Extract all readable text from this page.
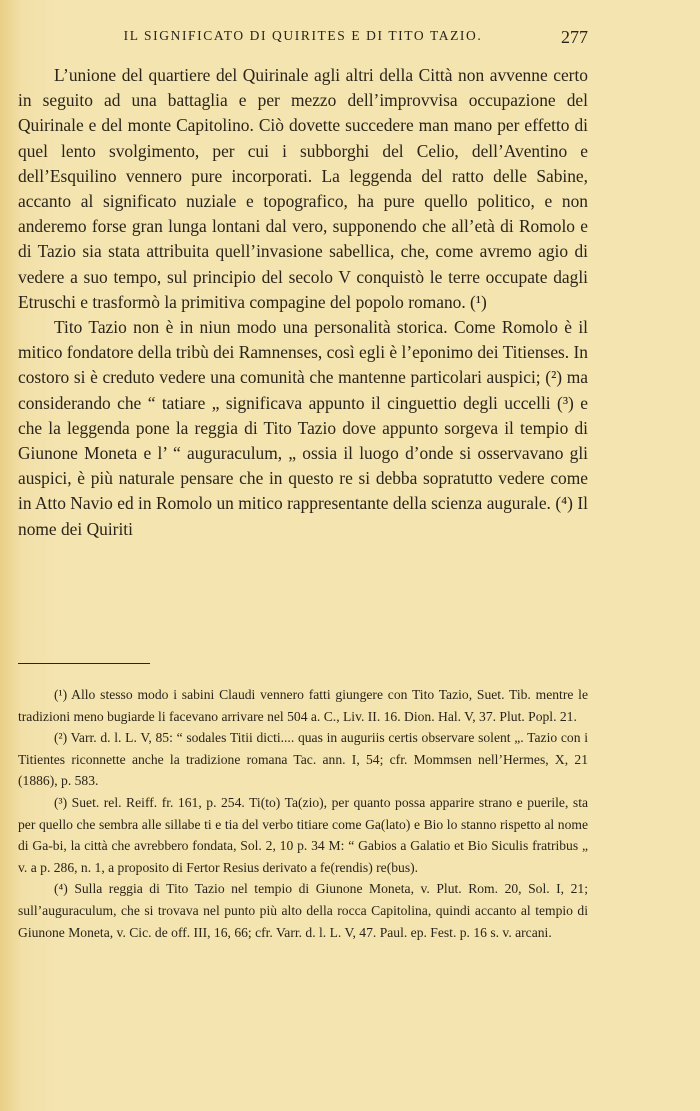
IL SIGNIFICATO DI QUIRITES E DI TITO TAZIO.	277

L’unione del quartiere del Quirinale agli altri della Città non avvenne certo in seguito ad una battaglia e per mezzo dell’improvvisa occupazione del Quirinale e del monte Capitolino. Ciò dovette succedere man mano per effetto di quel lento svolgimento, per cui i subborghi del Celio, dell’Aventino e dell’Esquilino vennero pure incorporati. La leggenda del ratto delle Sabine, accanto al significato nuziale e topografico, ha pure quello politico, e non anderemo forse gran lunga lontani dal vero, supponendo che all’età di Romolo e di Tazio sia stata attribuita quell’invasione sabellica, che, come avremo agio di vedere a suo tempo, sul principio del secolo V conquistò le terre occupate dagli Etruschi e trasformò la primitiva compagine del popolo romano. (¹)

Tito Tazio non è in niun modo una personalità storica. Come Romolo è il mitico fondatore della tribù dei Ramnenses, così egli è l’eponimo dei Titienses. In costoro si è creduto vedere una comunità che mantenne particolari auspici; (²) ma considerando che “ tatiare „ significava appunto il cinguettio degli uccelli (³) e che la leggenda pone la reggia di Tito Tazio dove appunto sorgeva il tempio di Giunone Moneta e l’ “ auguraculum, „ ossia il luogo d’onde si osservavano gli auspici, è più naturale pensare che in questo re si debba sopratutto vedere come in Atto Navio ed in Romolo un mitico rappresentante della scienza augurale. (⁴) Il nome dei Quiriti

(¹) Allo stesso modo i sabini Claudi vennero fatti giungere con Tito Tazio, Suet. Tib. mentre le tradizioni meno bugiarde li facevano arrivare nel 504 a. C., Liv. II. 16. Dion. Hal. V, 37. Plut. Popl. 21.

(²) Varr. d. l. L. V, 85: “ sodales Titii dicti.... quas in auguriis certis observare solent „. Tazio con i Titientes riconnette anche la tradizione romana Tac. ann. I, 54; cfr. Mommsen nell’Hermes, X, 21 (1886), p. 583.

(³) Suet. rel. Reiff. fr. 161, p. 254. Ti(to) Ta(zio), per quanto possa apparire strano e puerile, sta per quello che sembra alle sillabe ti e tia del verbo titiare come Ga(lato) e Bio lo stanno rispetto al nome di Ga-bi, la città che avrebbero fondata, Sol. 2, 10 p. 34 M: “ Gabios a Galatio et Bio Siculis fratribus „ v. a p. 286, n. 1, a proposito di Fertor Resius derivato a fe(rendis) re(bus).

(⁴) Sulla reggia di Tito Tazio nel tempio di Giunone Moneta, v. Plut. Rom. 20, Sol. I, 21; sull’auguraculum, che si trovava nel punto più alto della rocca Capitolina, quindi accanto al tempio di Giunone Moneta, v. Cic. de off. III, 16, 66; cfr. Varr. d. l. L. V, 47. Paul. ep. Fest. p. 16 s. v. arcani.
